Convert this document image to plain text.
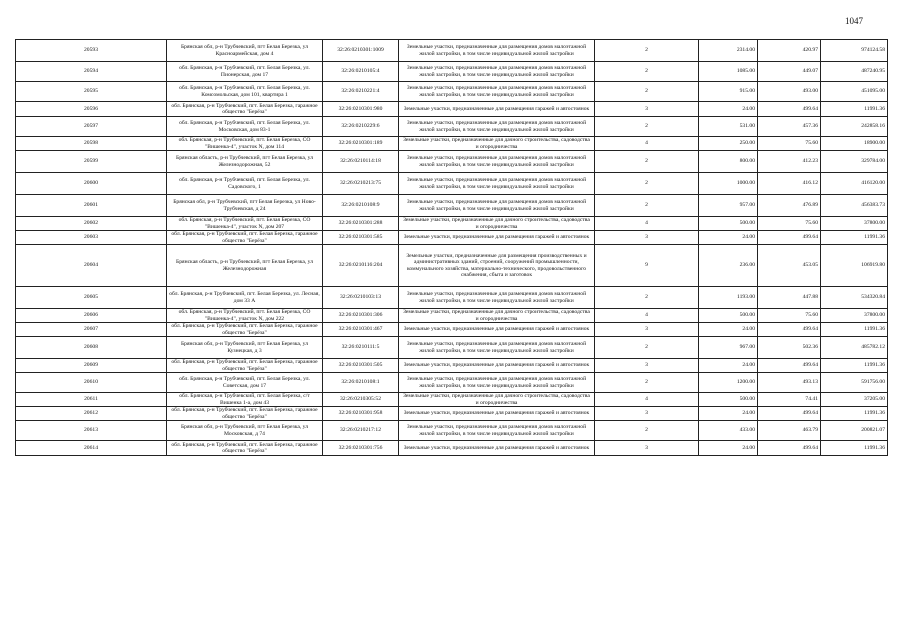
1047
20593	Брянская обл, р-н Трубчевский, пгт Белая Березка, ул Красноармейская, дом 4	32:26:0210301:1009	Земельные участки, предназначенные для размещения домов малоэтажной жилой застройки, в том числе индивидуальной жилой застройки	2	2314.00	420.97	974124.58
20594	обл. Брянская, р-н Трубчевский, пгт. Белая Березка, ул. Пионерская, дом 17	32:26:0210105:4	Земельные участки, предназначенные для размещения домов малоэтажной жилой застройки, в том числе индивидуальной жилой застройки	2	1085.00	449.07	487240.95
20595	обл. Брянская, р-н Трубчевский, пгт. Белая Березка, ул. Комсомольская, дом 101, квартира 1	32:26:0210221:4	Земельные участки, предназначенные для размещения домов малоэтажной жилой застройки, в том числе индивидуальной жилой застройки	2	915.00	493.00	451095.00
20596	обл. Брянская, р-н Трубчевский, пгт. Белая Березка, гаражное общество "Берёза"	32:26:0210301:980	Земельные участки, предназначенные для размещения гаражей и автостоянок	3	24.00	499.64	11991.36
20597	обл. Брянская, р-н Трубчевский, пгт. Белая Березка, ул. Московская, дом 83-1	32:26:0210229:6	Земельные участки, предназначенные для размещения домов малоэтажной жилой застройки, в том числе индивидуальной жилой застройки	2	531.00	457.36	242858.16
20598	обл. Брянская, р-н Трубчевский, пгт. Белая Березка, СО "Вишенка-4", участок N, дом 114	32:26:0210301:189	Земельные участки, предназначенные для дачного строительства, садоводства и огородничества	4	250.00	75.60	18900.00
20599	Брянская область, р-н Трубчевский, пгт Белая Березка, ул Железнодорожная, 52	32:26:0210114:18	Земельные участки, предназначенные для размещения домов малоэтажной жилой застройки, в том числе индивидуальной жилой застройки	2	800.00	412.23	329784.00
20600	обл. Брянская, р-н Трубчевский, пгт. Белая Березка, ул. Садовского, 1	32:26:0210213:75	Земельные участки, предназначенные для размещения домов малоэтажной жилой застройки, в том числе индивидуальной жилой застройки	2	1000.00	416.12	416120.00
20601	Брянская обл, р-н Трубчевский, пгт Белая Березка, ул Ново-Трубчевская, д 24	32:26:0210108:9	Земельные участки, предназначенные для размещения домов малоэтажной жилой застройки, в том числе индивидуальной жилой застройки	2	957.00	476.89	456383.73
20602	обл. Брянская, р-н Трубчевский, пгт. Белая Березка, СО "Вишенка-4", участок N, дом 207	32:26:0210301:288	Земельные участки, предназначенные для дачного строительства, садоводства и огородничества	4	500.00	75.60	37800.00
20603	обл. Брянская, р-н Трубчевский, пгт. Белая Березка, гаражное общество "Берёза"	32:26:0210301:585	Земельные участки, предназначенные для размещения гаражей и автостоянок	3	24.00	499.64	11991.36
20604	Брянская область, р-н Трубчевский, пгт Белая Березка, ул Железнодорожная	32:26:0210116:204	Земельные участки, предназначенные для размещения производственных и административных зданий, строений, сооружений промышленности, коммунального хозяйства, материально-технического, продовольственного снабжения, сбыта и заготовок	9	236.00	453.05	106919.80
20605	обл. Брянская, р-н Трубчевский, пгт. Белая Березка, ул. Лесная, дом 33 А	32:26:0210103:13	Земельные участки, предназначенные для размещения домов малоэтажной жилой застройки, в том числе индивидуальной жилой застройки	2	1193.00	447.88	534320.84
20606	обл. Брянская, р-н Трубчевский, пгт. Белая Березка, СО "Вишенка-4", участок N, дом 222	32:26:0210301:306	Земельные участки, предназначенные для дачного строительства, садоводства и огородничества	4	500.00	75.60	37800.00
20607	обл. Брянская, р-н Трубчевский, пгт. Белая Березка, гаражное общество "Берёза"	32:26:0210301:467	Земельные участки, предназначенные для размещения гаражей и автостоянок	3	24.00	499.64	11991.36
20608	Брянская обл, р-н Трубчевский, пгт Белая Березка, ул Кузнецкая, д 3	32:26:0210111:5	Земельные участки, предназначенные для размещения домов малоэтажной жилой застройки, в том числе индивидуальной жилой застройки	2	967.00	502.36	485782.12
20609	обл. Брянская, р-н Трубчевский, пгт. Белая Березка, гаражное общество "Берёза"	32:26:0210301:505	Земельные участки, предназначенные для размещения гаражей и автостоянок	3	24.00	499.64	11991.36
20610	обл. Брянская, р-н Трубчевский, пгт. Белая Березка, ул. Советская, дом 17	32:26:0210108:1	Земельные участки, предназначенные для размещения домов малоэтажной жилой застройки, в том числе индивидуальной жилой застройки	2	1200.00	493.13	591756.00
20611	обл. Брянская, р-н Трубчевский, пгт. Белая Березка, с/т Вишенка 1-а, дом 43	32:26:0210305:52	Земельные участки, предназначенные для дачного строительства, садоводства и огородничества	4	500.00	74.41	37205.00
20612	обл. Брянская, р-н Трубчевский, пгт. Белая Березка, гаражное общество "Берёза"	32:26:0210301:958	Земельные участки, предназначенные для размещения гаражей и автостоянок	3	24.00	499.64	11991.36
20613	Брянская обл, р-н Трубчевский, пгт Белая Березка, ул Московская, д 74	32:26:0210217:12	Земельные участки, предназначенные для размещения домов малоэтажной жилой застройки, в том числе индивидуальной жилой застройки	2	433.00	463.79	200821.07
20614	обл. Брянская, р-н Трубчевский, пгт. Белая Березка, гаражное общество "Берёза"	32:26:0210301:756	Земельные участки, предназначенные для размещения гаражей и автостоянок	3	24.00	499.64	11991.36
